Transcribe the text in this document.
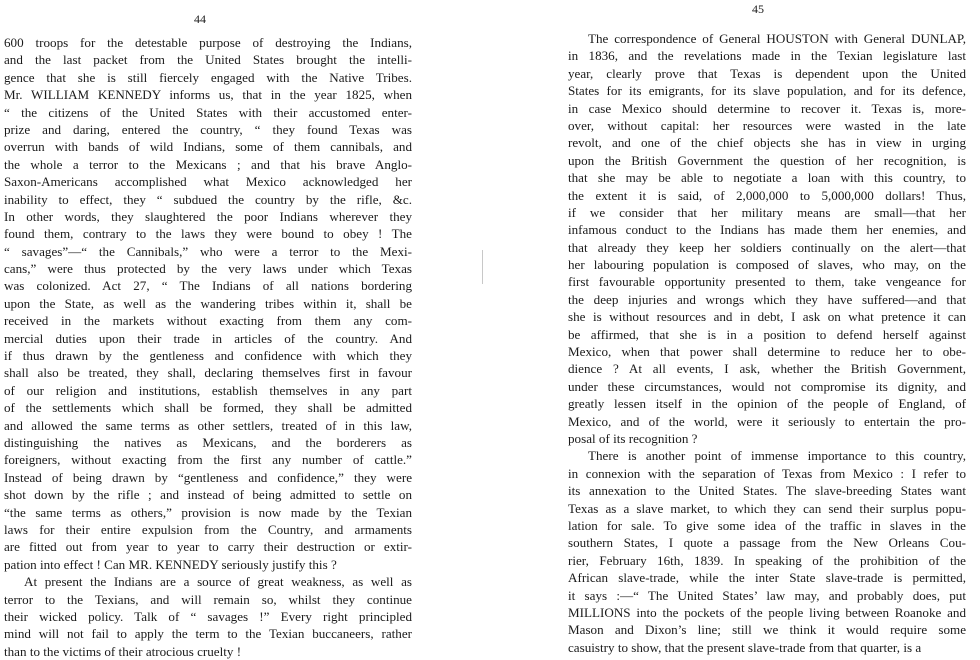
44
600 troops for the detestable purpose of destroying the Indians,
and the last packet from the United States brought the intelli-
gence that she is still fiercely engaged with the Native Tribes.
Mr. WILLIAM KENNEDY informs us, that in the year 1825, when
“ the citizens of the United States with their accustomed enter-
prize and daring, entered the country, “ they found Texas was
overrun with bands of wild Indians, some of them cannibals, and
the whole a terror to the Mexicans ; and that his brave Anglo-
Saxon-Americans accomplished what Mexico acknowledged her
inability to effect, they “ subdued the country by the rifle, &c.
In other words, they slaughtered the poor Indians wherever they
found them, contrary to the laws they were bound to obey ! The
“ savages”—“ the Cannibals,” who were a terror to the Mexi-
cans,” were thus protected by the very laws under which Texas
was colonized. Act 27, “ The Indians of all nations bordering
upon the State, as well as the wandering tribes within it, shall be
received in the markets without exacting from them any com-
mercial duties upon their trade in articles of the country. And
if thus drawn by the gentleness and confidence with which they
shall also be treated, they shall, declaring themselves first in favour
of our religion and institutions, establish themselves in any part
of the settlements which shall be formed, they shall be admitted
and allowed the same terms as other settlers, treated of in this law,
distinguishing the natives as Mexicans, and the borderers as
foreigners, without exacting from the first any number of cattle.”
Instead of being drawn by “gentleness and confidence,” they were
shot down by the rifle ; and instead of being admitted to settle on
“the same terms as others,” provision is now made by the Texian
laws for their entire expulsion from the Country, and armaments
are fitted out from year to year to carry their destruction or extir-
pation into effect ! Can MR. KENNEDY seriously justify this ?
At present the Indians are a source of great weakness, as well as
terror to the Texians, and will remain so, whilst they continue
their wicked policy. Talk of “ savages !” Every right principled
mind will not fail to apply the term to the Texian buccaneers, rather
than to the victims of their atrocious cruelty !
45
The correspondence of General HOUSTON with General DUNLAP,
in 1836, and the revelations made in the Texian legislature last
year, clearly prove that Texas is dependent upon the United
States for its emigrants, for its slave population, and for its defence,
in case Mexico should determine to recover it. Texas is, more-
over, without capital: her resources were wasted in the late
revolt, and one of the chief objects she has in view in urging
upon the British Government the question of her recognition, is
that she may be able to negotiate a loan with this country, to
the extent it is said, of 2,000,000 to 5,000,000 dollars! Thus,
if we consider that her military means are small—that her
infamous conduct to the Indians has made them her enemies, and
that already they keep her soldiers continually on the alert—that
her labouring population is composed of slaves, who may, on the
first favourable opportunity presented to them, take vengeance for
the deep injuries and wrongs which they have suffered—and that
she is without resources and in debt, I ask on what pretence it can
be affirmed, that she is in a position to defend herself against
Mexico, when that power shall determine to reduce her to obe-
dience ? At all events, I ask, whether the British Government,
under these circumstances, would not compromise its dignity, and
greatly lessen itself in the opinion of the people of England, of
Mexico, and of the world, were it seriously to entertain the pro-
posal of its recognition ?
There is another point of immense importance to this country,
in connexion with the separation of Texas from Mexico : I refer to
its annexation to the United States. The slave-breeding States want
Texas as a slave market, to which they can send their surplus popu-
lation for sale. To give some idea of the traffic in slaves in the
southern States, I quote a passage from the New Orleans Cou-
rier, February 16th, 1839. In speaking of the prohibition of the
African slave-trade, while the inter State slave-trade is permitted,
it says :—“ The United States’ law may, and probably does, put
MILLIONS into the pockets of the people living between Roanoke and
Mason and Dixon’s line; still we think it would require some
casuistry to show, that the present slave-trade from that quarter, is a
